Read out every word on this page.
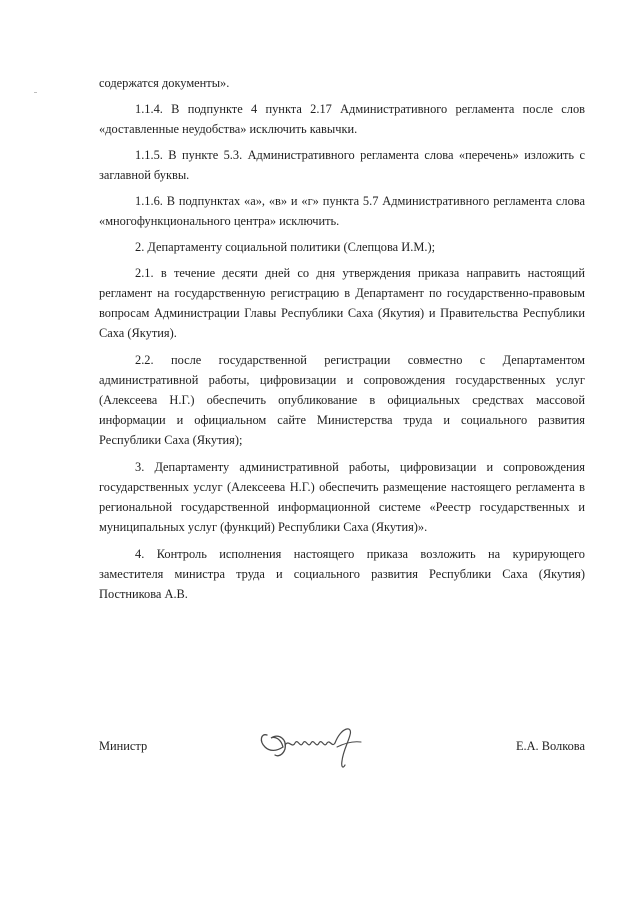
содержатся документы».

1.1.4. В подпункте 4 пункта 2.17 Административного регламента после слов «доставленные неудобства» исключить кавычки.

1.1.5. В пункте 5.3. Административного регламента слова «перечень» изложить с заглавной буквы.

1.1.6. В подпунктах «а», «в» и «г» пункта 5.7 Административного регламента слова «многофункционального центра» исключить.

2. Департаменту социальной политики (Слепцова И.М.);

2.1. в течение десяти дней со дня утверждения приказа направить настоящий регламент на государственную регистрацию в Департамент по государственно-правовым вопросам Администрации Главы Республики Саха (Якутия) и Правительства Республики Саха (Якутия).

2.2. после государственной регистрации совместно с Департаментом административной работы, цифровизации и сопровождения государственных услуг (Алексеева Н.Г.) обеспечить опубликование в официальных средствах массовой информации и официальном сайте Министерства труда и социального развития Республики Саха (Якутия);

3. Департаменту административной работы, цифровизации и сопровождения государственных услуг (Алексеева Н.Г.) обеспечить размещение настоящего регламента в региональной государственной информационной системе «Реестр государственных и муниципальных услуг (функций) Республики Саха (Якутия)».

4. Контроль исполнения настоящего приказа возложить на курирующего заместителя министра труда и социального развития Республики Саха (Якутия) Постникова А.В.

Министр	Е.А. Волкова
